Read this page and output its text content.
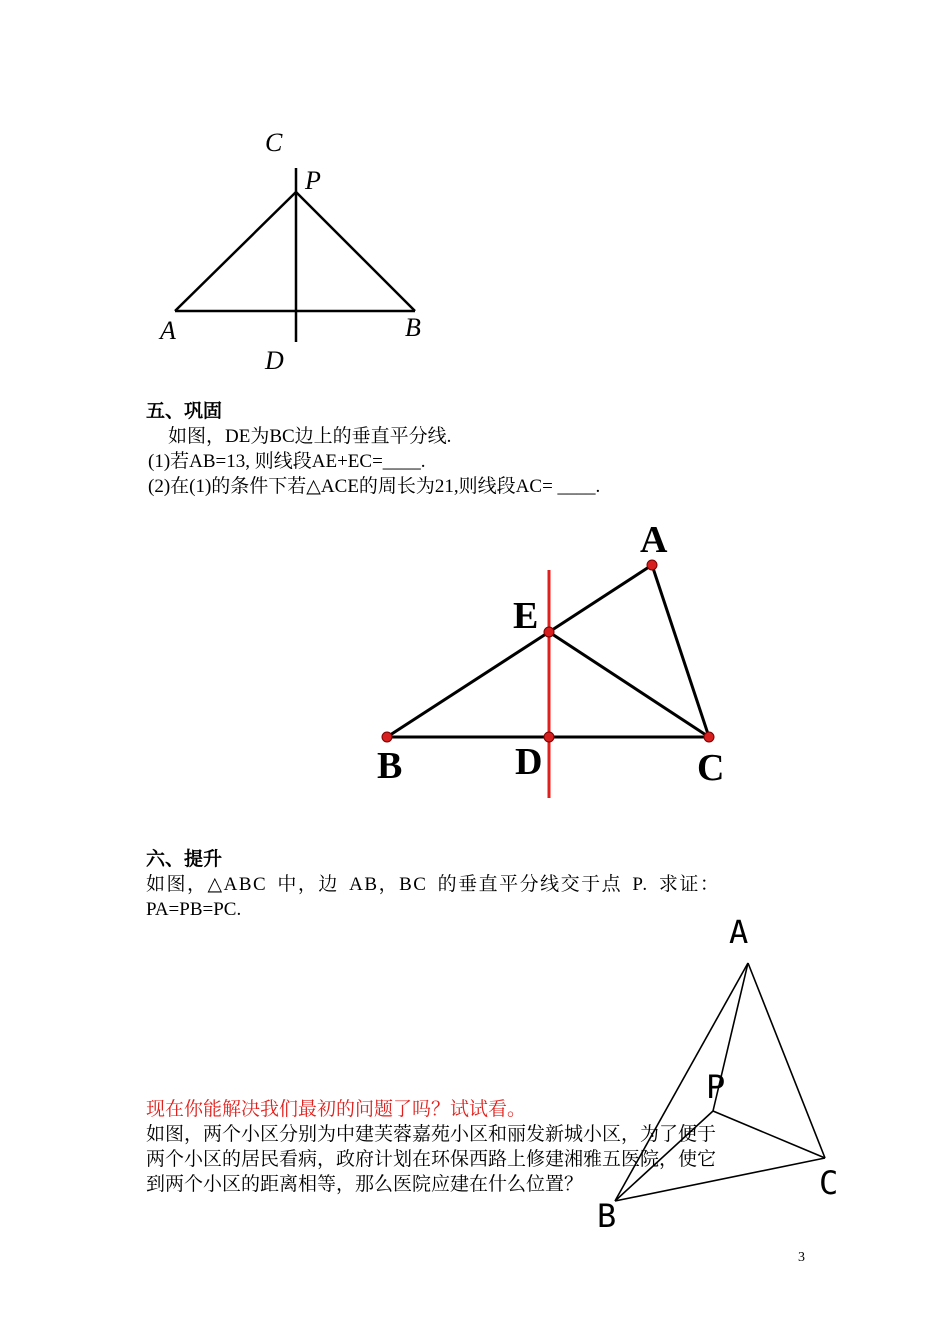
C
P
A	B
D
五、巩固
如图，DE为BC边上的垂直平分线.
(1)若AB=13, 则线段AE+EC=____.
(2)在(1)的条件下若△ACE的周长为21,则线段AC= ____.
A
E
B	D	C
六、提升
如图，△ABC 中，边 AB，BC 的垂直平分线交于点 P. 求证：
PA=PB=PC.
A
P
B
C
现在你能解决我们最初的问题了吗？试试看。
如图，两个小区分别为中建芙蓉嘉苑小区和丽发新城小区，为了便于
两个小区的居民看病，政府计划在环保西路上修建湘雅五医院，使它
到两个小区的距离相等，那么医院应建在什么位置？
3
